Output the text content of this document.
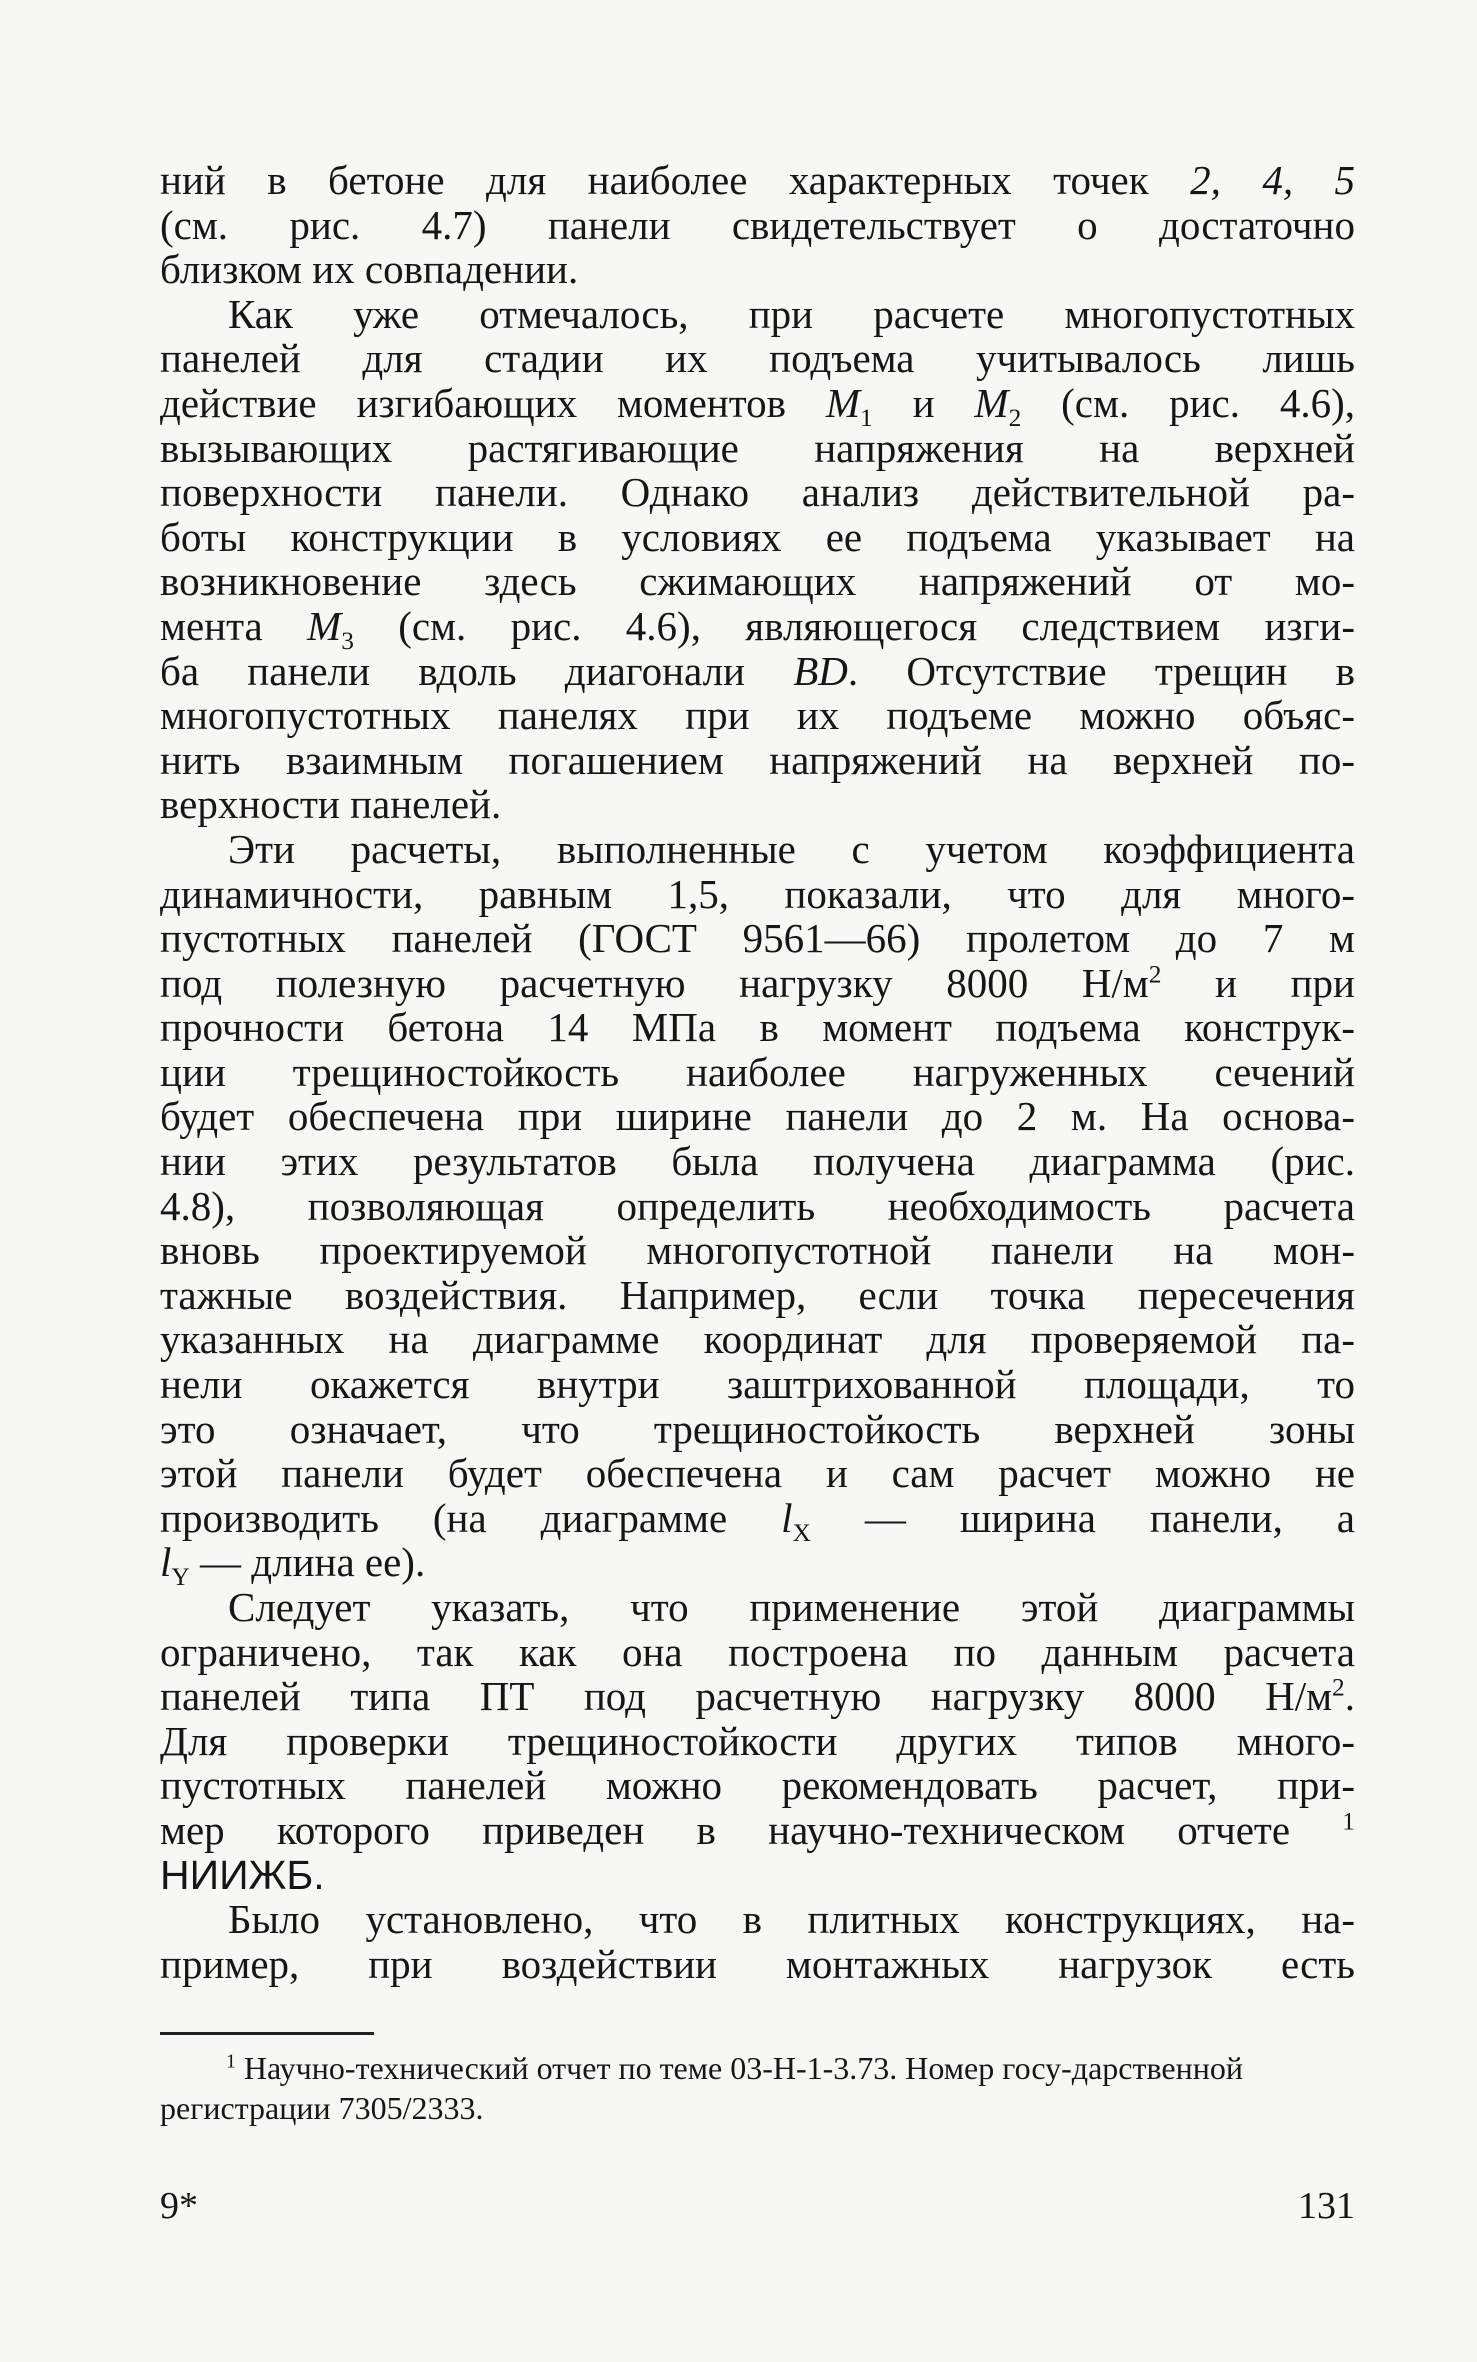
ний в бетоне для наиболее характерных точек 2, 4, 5
(см. рис. 4.7) панели свидетельствует о достаточно
близком их совпадении.

Как уже отмечалось, при расчете многопустотных
панелей для стадии их подъема учитывалось лишь
действие изгибающих моментов $M_1$ и $M_2$ (см. рис. 4.6),
вызывающих растягивающие напряжения на верхней
поверхности панели. Однако анализ действительной ра-
боты конструкции в условиях ее подъема указывает на
возникновение здесь сжимающих напряжений от мо-
мента $M_3$ (см. рис. 4.6), являющегося следствием изги-
ба панели вдоль диагонали BD. Отсутствие трещин в
многопустотных панелях при их подъеме можно объяс-
нить взаимным погашением напряжений на верхней по-
верхности панелей.

Эти расчеты, выполненные с учетом коэффициента
динамичности, равным 1,5, показали, что для много-
пустотных панелей (ГОСТ 9561—66) пролетом до 7 м
под полезную расчетную нагрузку 8000 $Н/м^2$ и при
прочности бетона 14 МПа в момент подъема конструк-
ции трещиностойкость наиболее нагруженных сечений
будет обеспечена при ширине панели до 2 м. На основа-
нии этих результатов была получена диаграмма (рис.
4.8), позволяющая определить необходимость расчета
вновь проектируемой многопустотной панели на мон-
тажные воздействия. Например, если точка пересечения
указанных на диаграмме координат для проверяемой па-
нели окажется внутри заштрихованной площади, то
это означает, что трещиностойкость верхней зоны
этой панели будет обеспечена и сам расчет можно не
производить (на диаграмме $l_X$ — ширина панели, а
$l_Y$ — длина ее).

Следует указать, что применение этой диаграммы
ограничено, так как она построена по данным расчета
панелей типа ПТ под расчетную нагрузку 8000 $Н/м^2$.
Для проверки трещиностойкости других типов много-
пустотных панелей можно рекомендовать расчет, при-
мер которого приведен в научно-техническом отчете $^1$
НИИЖБ.

Было установлено, что в плитных конструкциях, на-
пример, при воздействии монтажных нагрузок есть

$^1$ Научно-технический отчет по теме 03-Н-1-3.73. Номер госу-дарственной регистрации 7305/2333.
9*	131
